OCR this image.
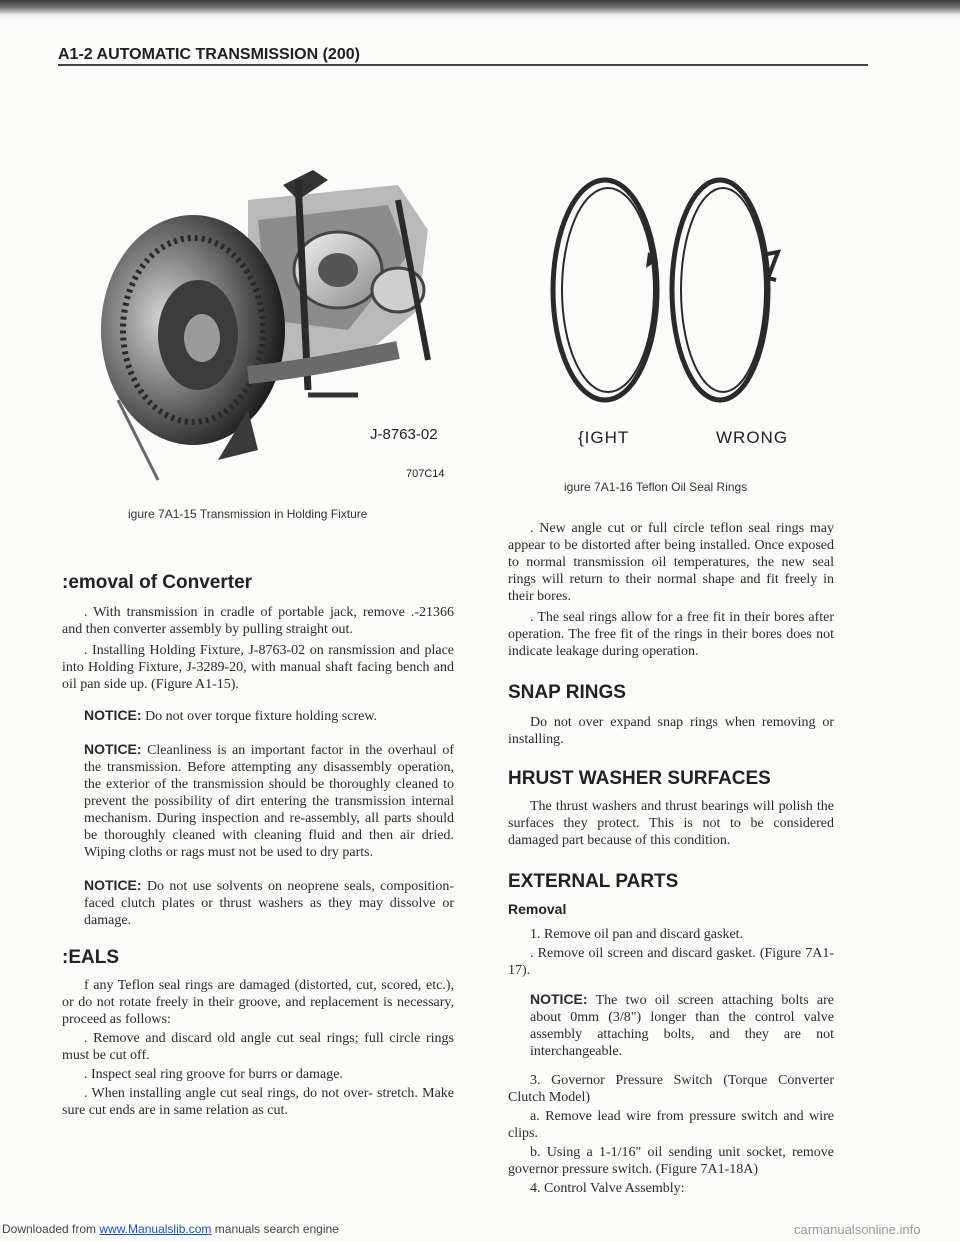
A1-2 AUTOMATIC TRANSMISSION (200)
J-8763-02
707C14
igure 7A1-15 Transmission in Holding Fixture
{IGHT	WRONG
igure 7A1-16 Teflon Oil Seal Rings
:emoval of Converter

. With transmission in cradle of portable jack, remove .-21366 and then converter assembly by pulling straight out.

. Installing Holding Fixture, J-8763-02 on ransmission and place into Holding Fixture, J-3289-20, with manual shaft facing bench and oil pan side up. (Figure A1-15).

NOTICE: Do not over torque fixture holding screw.

NOTICE: Cleanliness is an important factor in the overhaul of the transmission. Before attempting any disassembly operation, the exterior of the transmission should be thoroughly cleaned to prevent the possibility of dirt entering the transmission internal mechanism. During inspection and re-assembly, all parts should be thoroughly cleaned with cleaning fluid and then air dried. Wiping cloths or rags must not be used to dry parts.

NOTICE: Do not use solvents on neoprene seals, composition-faced clutch plates or thrust washers as they may dissolve or damage.

:EALS

f any Teflon seal rings are damaged (distorted, cut, scored, etc.), or do not rotate freely in their groove, and replacement is necessary, proceed as follows:

. Remove and discard old angle cut seal rings; full circle rings must be cut off.

. Inspect seal ring groove for burrs or damage.

. When installing angle cut seal rings, do not over- stretch. Make sure cut ends are in same relation as cut.

. New angle cut or full circle teflon seal rings may appear to be distorted after being installed. Once exposed to normal transmission oil temperatures, the new seal rings will return to their normal shape and fit freely in their bores.

. The seal rings allow for a free fit in their bores after operation. The free fit of the rings in their bores does not indicate leakage during operation.

SNAP RINGS

Do not over expand snap rings when removing or installing.

HRUST WASHER SURFACES

The thrust washers and thrust bearings will polish the surfaces they protect. This is not to be considered damaged part because of this condition.

EXTERNAL PARTS
Removal

1. Remove oil pan and discard gasket.

. Remove oil screen and discard gasket. (Figure 7A1- 17).

NOTICE: The two oil screen attaching bolts are about 0mm (3/8") longer than the control valve assembly attaching bolts, and they are not interchangeable.

3. Governor Pressure Switch (Torque Converter Clutch Model)

a. Remove lead wire from pressure switch and wire clips.

b. Using a 1-1/16" oil sending unit socket, remove governor pressure switch. (Figure 7A1-18A)

4. Control Valve Assembly:

Downloaded from www.Manualslib.com manuals search engine	carmanualsonline.info
